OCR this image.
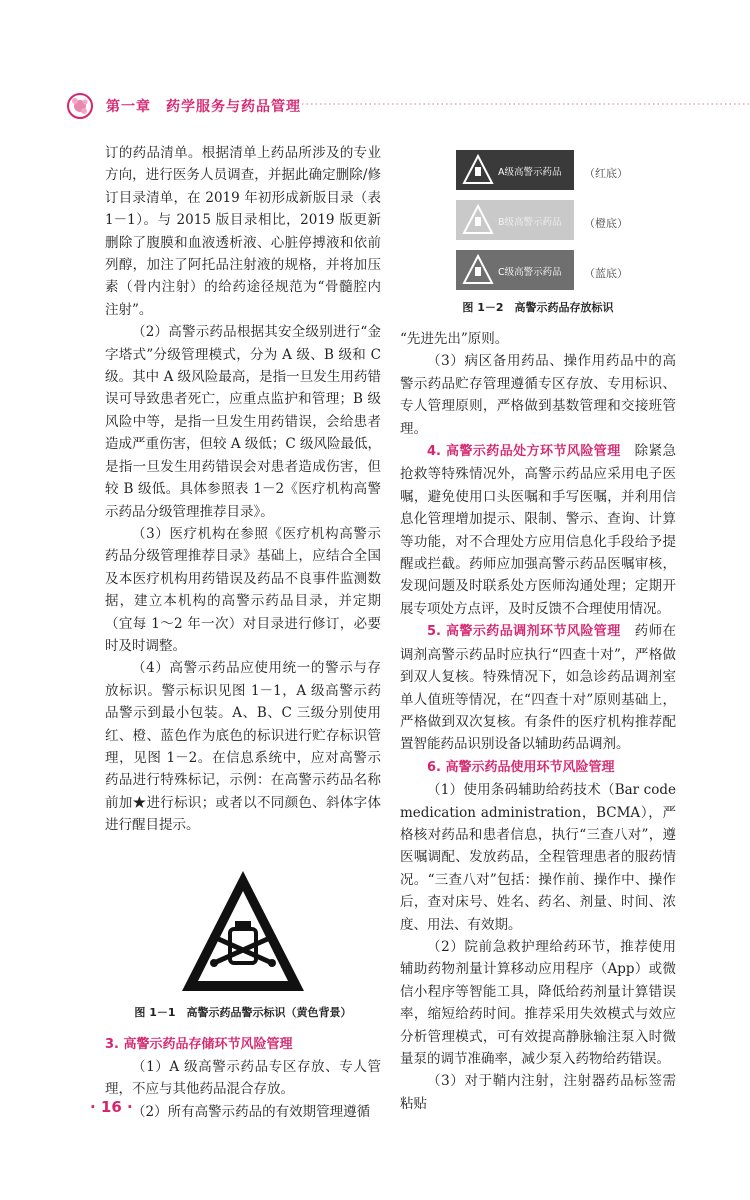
第一章　药学服务与药品管理

订的药品清单。根据清单上药品所涉及的专业方向，进行医务人员调查，并据此确定删除/修订目录清单，在 2019 年初形成新版目录（表 1－1）。与 2015 版目录相比，2019 版更新删除了腹膜和血液透析液、心脏停搏液和依前列醇，加注了阿托品注射液的规格，并将加压素（骨内注射）的给药途径规范为“骨髓腔内注射”。

（2）高警示药品根据其安全级别进行“金字塔式”分级管理模式，分为 A 级、B 级和 C 级。其中 A 级风险最高，是指一旦发生用药错误可导致患者死亡，应重点监护和管理；B 级风险中等，是指一旦发生用药错误，会给患者造成严重伤害，但较 A 级低；C 级风险最低，是指一旦发生用药错误会对患者造成伤害，但较 B 级低。具体参照表 1－2《医疗机构高警示药品分级管理推荐目录》。

（3）医疗机构在参照《医疗机构高警示药品分级管理推荐目录》基础上，应结合全国及本医疗机构用药错误及药品不良事件监测数据，建立本机构的高警示药品目录，并定期（宜每 1～2 年一次）对目录进行修订，必要时及时调整。

（4）高警示药品应使用统一的警示与存放标识。警示标识见图 1－1，A 级高警示药品警示到最小包装。A、B、C 三级分别使用红、橙、蓝色作为底色的标识进行贮存标识管理，见图 1－2。在信息系统中，应对高警示药品进行特殊标记，示例：在高警示药品名称前加★进行标识；或者以不同颜色、斜体字体进行醒目提示。

图 1－1　高警示药品警示标识（黄色背景）

3. 高警示药品存储环节风险管理

（1）A 级高警示药品专区存放、专人管理，不应与其他药品混合存放。

（2）所有高警示药品的有效期管理遵循

A级高警示药品 （红底）
B级高警示药品 （橙底）
C级高警示药品 （蓝底）
图 1－2　高警示药品存放标识

“先进先出”原则。

（3）病区备用药品、操作用药品中的高警示药品贮存管理遵循专区存放、专用标识、专人管理原则，严格做到基数管理和交接班管理。

4. 高警示药品处方环节风险管理　 除紧急抢救等特殊情况外，高警示药品应采用电子医嘱，避免使用口头医嘱和手写医嘱，并利用信息化管理增加提示、限制、警示、查询、计算等功能，对不合理处方应用信息化手段给予提醒或拦截。药师应加强高警示药品医嘱审核，发现问题及时联系处方医师沟通处理；定期开展专项处方点评，及时反馈不合理使用情况。

5. 高警示药品调剂环节风险管理　 药师在调剂高警示药品时应执行“四查十对”，严格做到双人复核。特殊情况下，如急诊药品调剂室单人值班等情况，在“四查十对”原则基础上，严格做到双次复核。有条件的医疗机构推荐配置智能药品识别设备以辅助药品调剂。

6. 高警示药品使用环节风险管理

（1）使用条码辅助给药技术（Bar code medication administration，BCMA），严格核对药品和患者信息，执行“三查八对”，遵医嘱调配、发放药品，全程管理患者的服药情况。“三查八对”包括：操作前、操作中、操作后，查对床号、姓名、药名、剂量、时间、浓度、用法、有效期。

（2）院前急救护理给药环节，推荐使用辅助药物剂量计算移动应用程序（App）或微信小程序等智能工具，降低给药剂量计算错误率，缩短给药时间。推荐采用失效模式与效应分析管理模式，可有效提高静脉输注泵入时微量泵的调节准确率，减少泵入药物给药错误。

（3）对于鞘内注射，注射器药品标签需粘贴

· 16 ·
